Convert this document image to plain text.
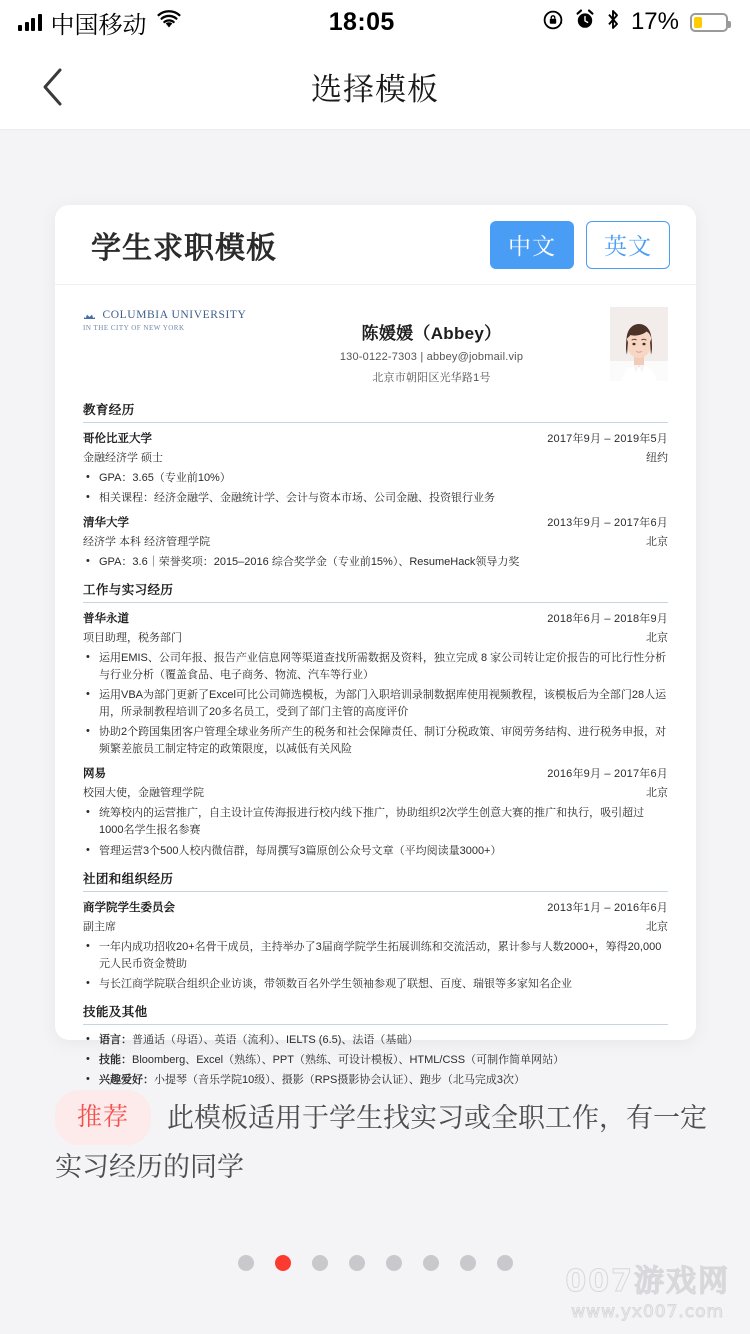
中国移动	18:05	17%
选择模板
学生求职模板	中文	英文
COLUMBIA UNIVERSITY
IN THE CITY OF NEW YORK	陈媛媛（Abbey）
130-0122-7303 | abbey@jobmail.vip
北京市朝阳区光华路1号
教育经历
哥伦比亚大学	2017年9月 – 2019年5月
金融经济学 硕士	纽约
• GPA：3.65（专业前10%）
• 相关课程：经济金融学、金融统计学、会计与资本市场、公司金融、投资银行业务
清华大学	2013年9月 – 2017年6月
经济学 本科 经济管理学院	北京
• GPA：3.6｜荣誉奖项：2015–2016 综合奖学金（专业前15%）、ResumeHack领导力奖
工作与实习经历
普华永道	2018年6月 – 2018年9月
项目助理，税务部门	北京
• 运用EMIS、公司年报、报告产业信息网等渠道查找所需数据及资料，独立完成 8 家公司转让定价报告的可比行性分析与行业分析（覆盖食品、电子商务、物流、汽车等行业）
• 运用VBA为部门更新了Excel可比公司筛选模板，为部门入职培训录制数据库使用视频教程，该模板后为全部门28人运用，所录制教程培训了20多名员工，受到了部门主管的高度评价
• 协助2个跨国集团客户管理全球业务所产生的税务和社会保障责任、制订分税政策、审阅劳务结构、进行税务申报，对频繁差旅员工制定特定的政策限度，以减低有关风险
网易	2016年9月 – 2017年6月
校园大使，金融管理学院	北京
• 统筹校内的运营推广，自主设计宣传海报进行校内线下推广，协助组织2次学生创意大赛的推广和执行，吸引超过1000名学生报名参赛
• 管理运营3个500人校内微信群，每周撰写3篇原创公众号文章（平均阅读量3000+）
社团和组织经历
商学院学生委员会	2013年1月 – 2016年6月
副主席	北京
• 一年内成功招收20+名骨干成员，主持举办了3届商学院学生拓展训练和交流活动，累计参与人数2000+，筹得20,000元人民币资金赞助
• 与长江商学院联合组织企业访谈，带领数百名外学生领袖参观了联想、百度、瑞银等多家知名企业
技能及其他
• 语言：普通话（母语）、英语（流利）、IELTS (6.5)、法语（基础）
• 技能：Bloomberg、Excel（熟练）、PPT（熟练、可设计模板）、HTML/CSS（可制作简单网站）
• 兴趣爱好：小提琴（音乐学院10级）、摄影（RPS摄影协会认证）、跑步（北马完成3次）
推荐 此模板适用于学生找实习或全职工作，有一定实习经历的同学
007游戏网
www.yx007.com
